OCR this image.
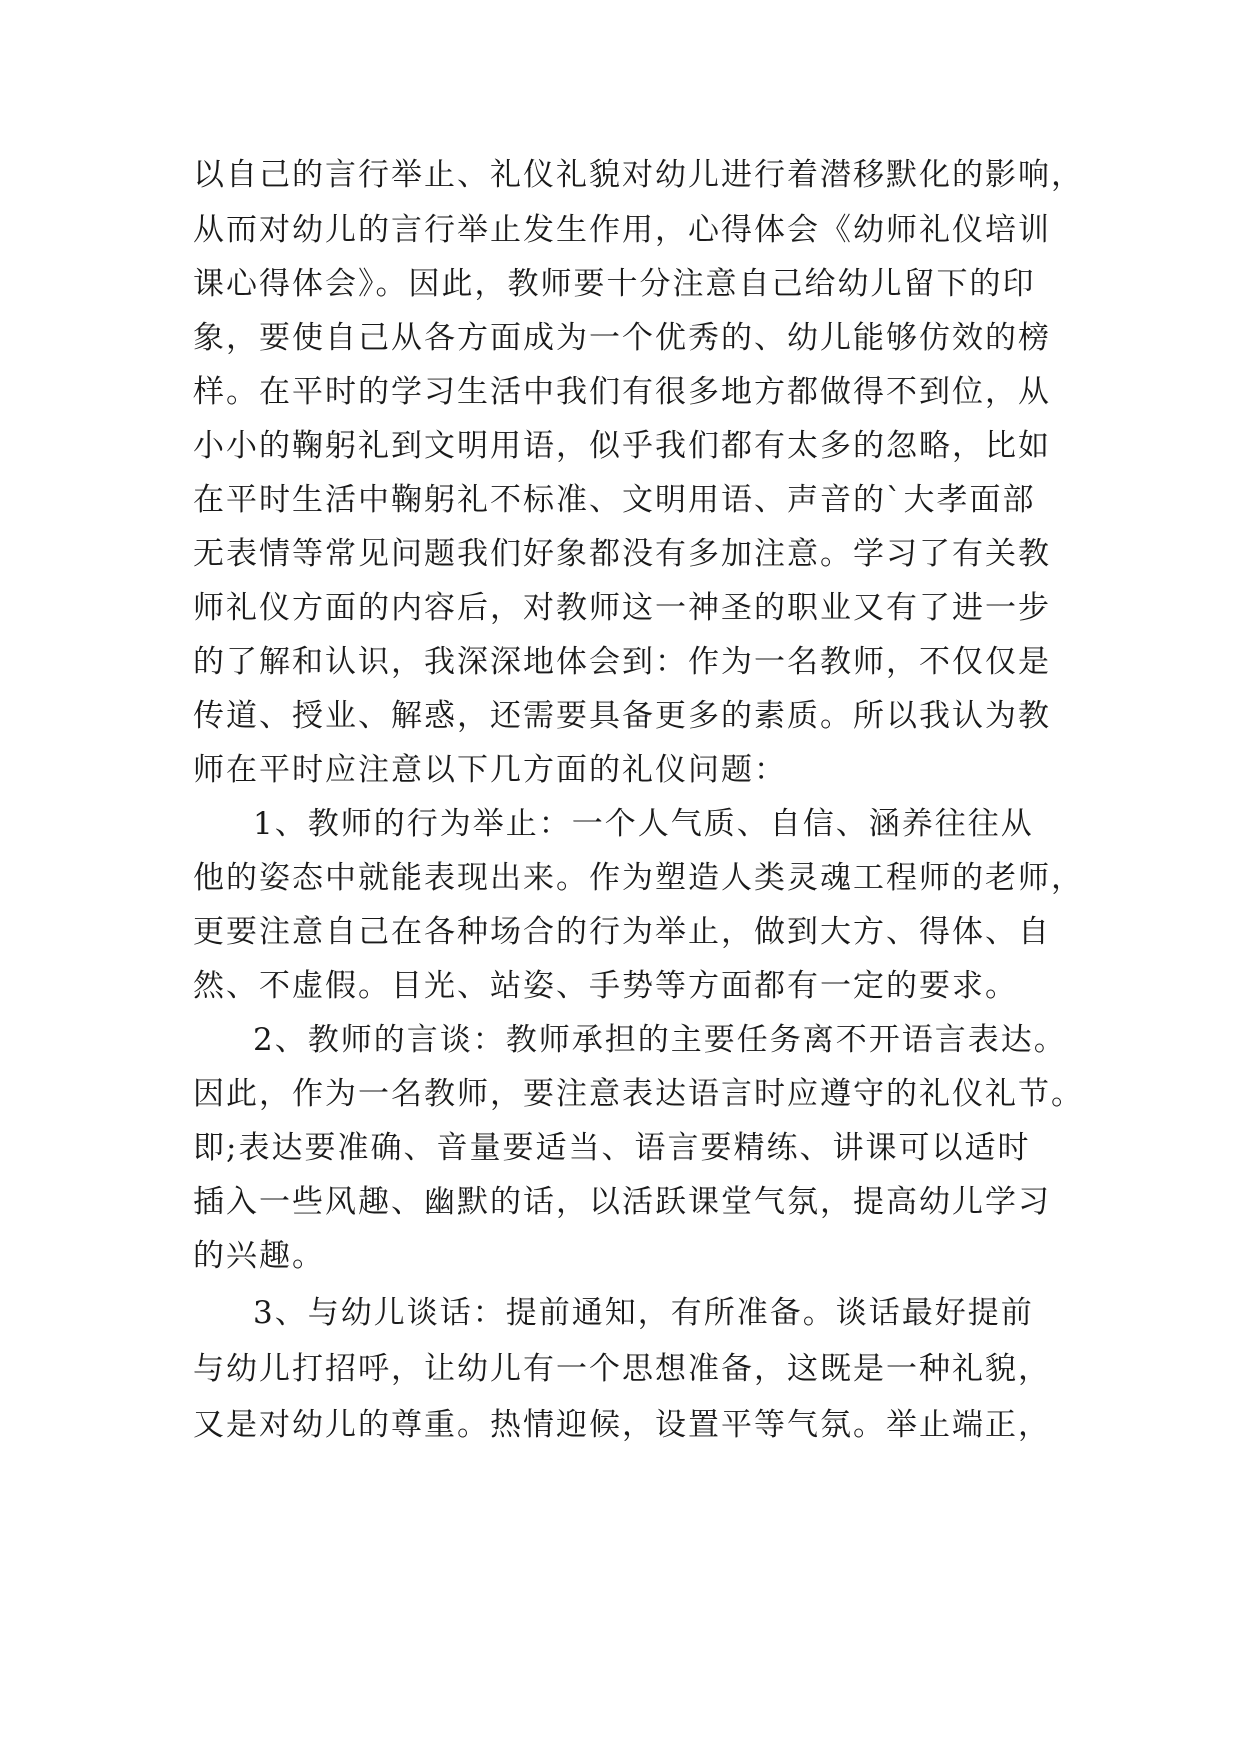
以自己的言行举止、礼仪礼貌对幼儿进行着潜移默化的影响，
从而对幼儿的言行举止发生作用，心得体会《幼师礼仪培训
课心得体会》。因此，教师要十分注意自己给幼儿留下的印
象，要使自己从各方面成为一个优秀的、幼儿能够仿效的榜
样。在平时的学习生活中我们有很多地方都做得不到位，从
小小的鞠躬礼到文明用语，似乎我们都有太多的忽略，比如
在平时生活中鞠躬礼不标准、文明用语、声音的`大孝面部
无表情等常见问题我们好象都没有多加注意。学习了有关教
师礼仪方面的内容后，对教师这一神圣的职业又有了进一步
的了解和认识，我深深地体会到：作为一名教师，不仅仅是
传道、授业、解惑，还需要具备更多的素质。所以我认为教
师在平时应注意以下几方面的礼仪问题：
1、教师的行为举止：一个人气质、自信、涵养往往从
他的姿态中就能表现出来。作为塑造人类灵魂工程师的老师，
更要注意自己在各种场合的行为举止，做到大方、得体、自
然、不虚假。目光、站姿、手势等方面都有一定的要求。
2、教师的言谈：教师承担的主要任务离不开语言表达。
因此，作为一名教师，要注意表达语言时应遵守的礼仪礼节。
即;表达要准确、音量要适当、语言要精练、讲课可以适时
插入一些风趣、幽默的话，以活跃课堂气氛，提高幼儿学习
的兴趣。
3、与幼儿谈话：提前通知，有所准备。谈话最好提前
与幼儿打招呼，让幼儿有一个思想准备，这既是一种礼貌，
又是对幼儿的尊重。热情迎候，设置平等气氛。举止端正，
